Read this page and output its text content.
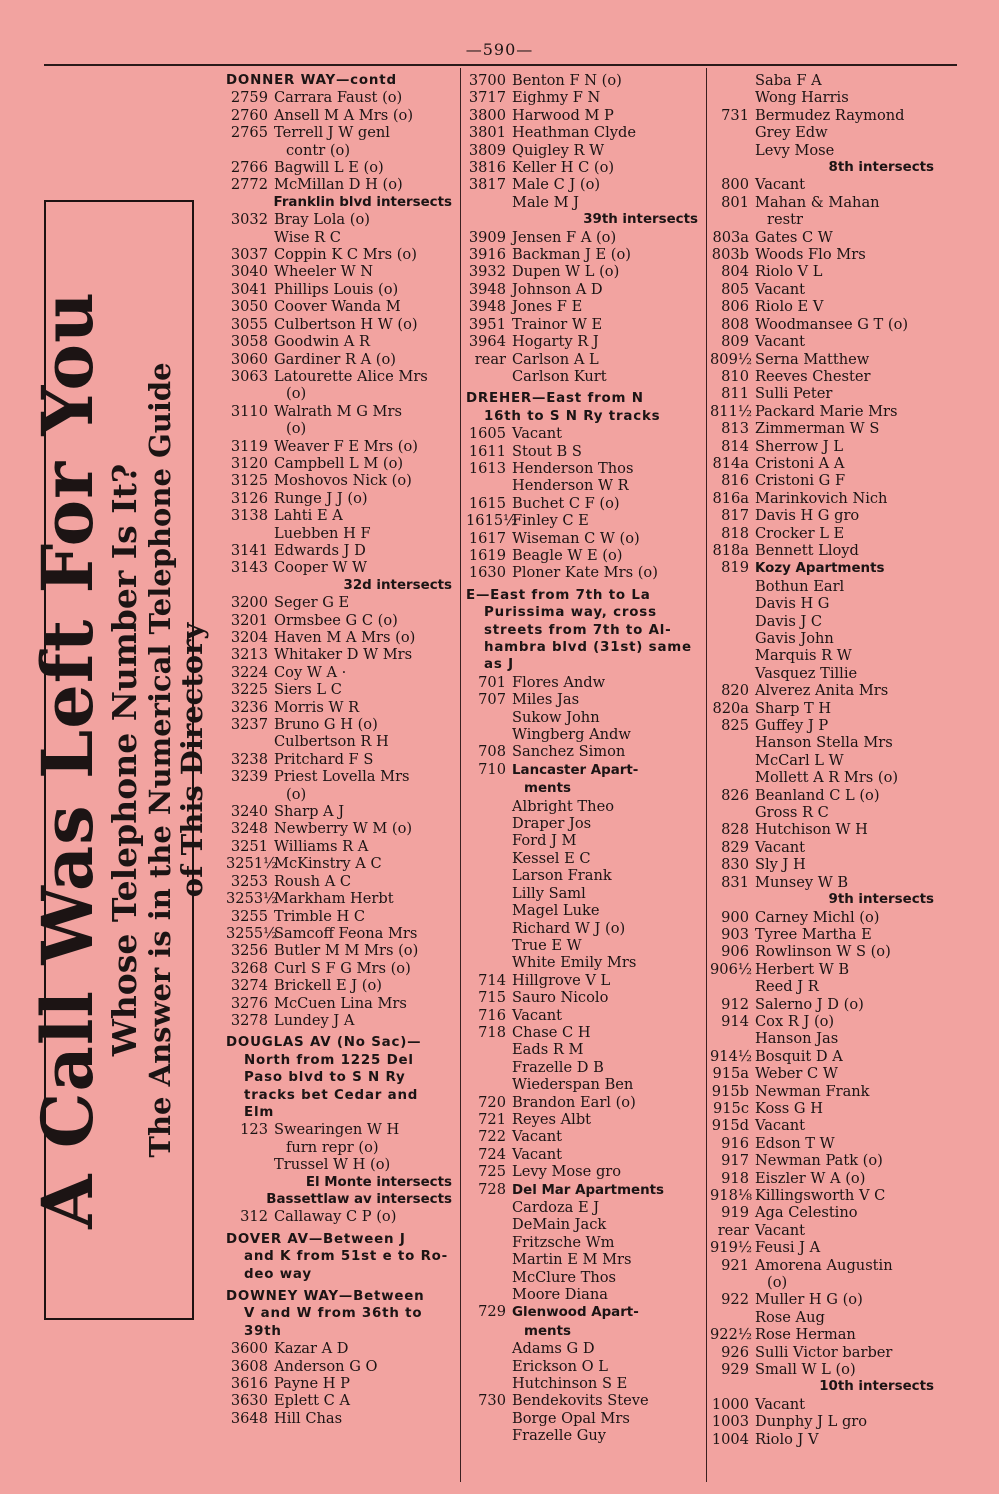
—590—
A Call Was Left For You
Whose Telephone Number Is It? The Answer is in the Numerical Telephone Guide
of This Directory
DONNER WAY—contd
2759 Carrara Faust (o)
2760 Ansell M A Mrs (o)
2765 Terrell J W genl
contr (o)
2766 Bagwill L E (o)
2772 McMillan D H (o)
Franklin blvd intersects
3032 Bray Lola (o)
Wise R C
3037 Coppin K C Mrs (o)
3040 Wheeler W N
3041 Phillips Louis (o)
3050 Coover Wanda M
3055 Culbertson H W (o)
3058 Goodwin A R
3060 Gardiner R A (o)
3063 Latourette Alice Mrs
(o)
3110 Walrath M G Mrs
(o)
3119 Weaver F E Mrs (o)
3120 Campbell L M (o)
3125 Moshovos Nick (o)
3126 Runge J J (o)
3138 Lahti E A
Luebben H F
3141 Edwards J D
3143 Cooper W W
32d intersects
3200 Seger G E
3201 Ormsbee G C (o)
3204 Haven M A Mrs (o)
3213 Whitaker D W Mrs
3224 Coy W A ·
3225 Siers L C
3236 Morris W R
3237 Bruno G H (o)
Culbertson R H
3238 Pritchard F S
3239 Priest Lovella Mrs
(o)
3240 Sharp A J
3248 Newberry W M (o)
3251 Williams R A
3251½McKinstry A C
3253 Roush A C
3253½Markham Herbt
3255 Trimble H C
3255½Samcoff Feona Mrs
3256 Butler M M Mrs (o)
3268 Curl S F G Mrs (o)
3274 Brickell E J (o)
3276 McCuen Lina Mrs
3278 Lundey J A
DOUGLAS AV (No Sac)—
North from 1225 Del
Paso blvd to S N Ry
tracks bet Cedar and
Elm
123 Swearingen W H
furn repr (o)
Trussel W H (o)
El Monte intersects
Bassettlaw av intersects
312 Callaway C P (o)
DOVER AV—Between J
and K from 51st e to Ro-
deo way
DOWNEY WAY—Between
V and W from 36th to
39th
3600 Kazar A D
3608 Anderson G O
3616 Payne H P
3630 Eplett C A
3648 Hill Chas
3700 Benton F N (o)
3717 Eighmy F N
3800 Harwood M P
3801 Heathman Clyde
3809 Quigley R W
3816 Keller H C (o)
3817 Male C J (o)
Male M J
39th intersects
3909 Jensen F A (o)
3916 Backman J E (o)
3932 Dupen W L (o)
3948 Johnson A D
3948 Jones F E
3951 Trainor W E
3964 Hogarty R J
rear Carlson A L
Carlson Kurt
DREHER—East from N
16th to S N Ry tracks
1605 Vacant
1611 Stout B S
1613 Henderson Thos
Henderson W R
1615 Buchet C F (o)
1615½Finley C E
1617 Wiseman C W (o)
1619 Beagle W E (o)
1630 Ploner Kate Mrs (o)
E—East from 7th to La
Purissima way, cross
streets from 7th to Al-
hambra blvd (31st) same
as J
701 Flores Andw
707 Miles Jas
Sukow John
Wingberg Andw
708 Sanchez Simon
710 Lancaster Apart-
ments
Albright Theo
Draper Jos
Ford J M
Kessel E C
Larson Frank
Lilly Saml
Magel Luke
Richard W J (o)
True E W
White Emily Mrs
714 Hillgrove V L
715 Sauro Nicolo
716 Vacant
718 Chase C H
Eads R M
Frazelle D B
Wiederspan Ben
720 Brandon Earl (o)
721 Reyes Albt
722 Vacant
724 Vacant
725 Levy Mose gro
728 Del Mar Apartments
Cardoza E J
DeMain Jack
Fritzsche Wm
Martin E M Mrs
McClure Thos
Moore Diana
729 Glenwood Apart-
ments
Adams G D
Erickson O L
Hutchinson S E
730 Bendekovits Steve
Borge Opal Mrs
Frazelle Guy
Saba F A
Wong Harris
731 Bermudez Raymond
Grey Edw
Levy Mose
8th intersects
800 Vacant
801 Mahan & Mahan
restr
803a Gates C W
803b Woods Flo Mrs
804 Riolo V L
805 Vacant
806 Riolo E V
808 Woodmansee G T (o)
809 Vacant
809½ Serna Matthew
810 Reeves Chester
811 Sulli Peter
811½ Packard Marie Mrs
813 Zimmerman W S
814 Sherrow J L
814a Cristoni A A
816 Cristoni G F
816a Marinkovich Nich
817 Davis H G gro
818 Crocker L E
818a Bennett Lloyd
819 Kozy Apartments
Bothun Earl
Davis H G
Davis J C
Gavis John
Marquis R W
Vasquez Tillie
820 Alverez Anita Mrs
820a Sharp T H
825 Guffey J P
Hanson Stella Mrs
McCarl L W
Mollett A R Mrs (o)
826 Beanland C L (o)
Gross R C
828 Hutchison W H
829 Vacant
830 Sly J H
831 Munsey W B
9th intersects
900 Carney Michl (o)
903 Tyree Martha E
906 Rowlinson W S (o)
906½ Herbert W B
Reed J R
912 Salerno J D (o)
914 Cox R J (o)
Hanson Jas
914½ Bosquit D A
915a Weber C W
915b Newman Frank
915c Koss G H
915d Vacant
916 Edson T W
917 Newman Patk (o)
918 Eiszler W A (o)
918⅛ Killingsworth V C
919 Aga Celestino
rear Vacant
919½ Feusi J A
921 Amorena Augustin
(o)
922 Muller H G (o)
Rose Aug
922½ Rose Herman
926 Sulli Victor barber
929 Small W L (o)
10th intersects
1000 Vacant
1003 Dunphy J L gro
1004 Riolo J V
